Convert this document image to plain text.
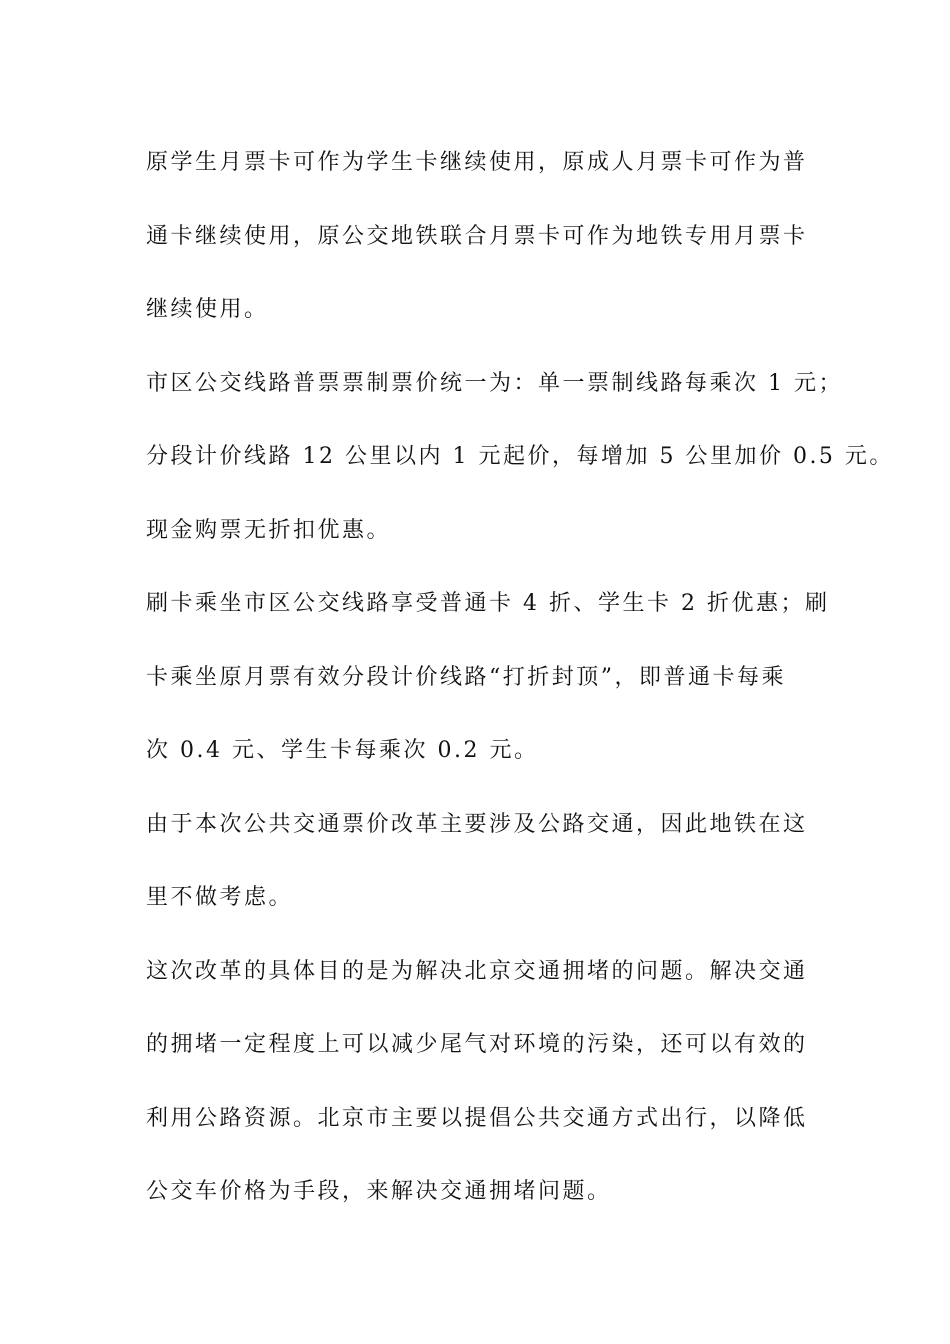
原学生月票卡可作为学生卡继续使用，原成人月票卡可作为普
通卡继续使用，原公交地铁联合月票卡可作为地铁专用月票卡
继续使用。
市区公交线路普票票制票价统一为：单一票制线路每乘次 1 元；
分段计价线路 12 公里以内 1 元起价，每增加 5 公里加价 0.5 元。
现金购票无折扣优惠。
刷卡乘坐市区公交线路享受普通卡 4 折、学生卡 2 折优惠；刷
卡乘坐原月票有效分段计价线路“打折封顶”，即普通卡每乘
次 0.4 元、学生卡每乘次 0.2 元。
由于本次公共交通票价改革主要涉及公路交通，因此地铁在这
里不做考虑。
这次改革的具体目的是为解决北京交通拥堵的问题。解决交通
的拥堵一定程度上可以减少尾气对环境的污染，还可以有效的
利用公路资源。北京市主要以提倡公共交通方式出行，以降低
公交车价格为手段，来解决交通拥堵问题。
